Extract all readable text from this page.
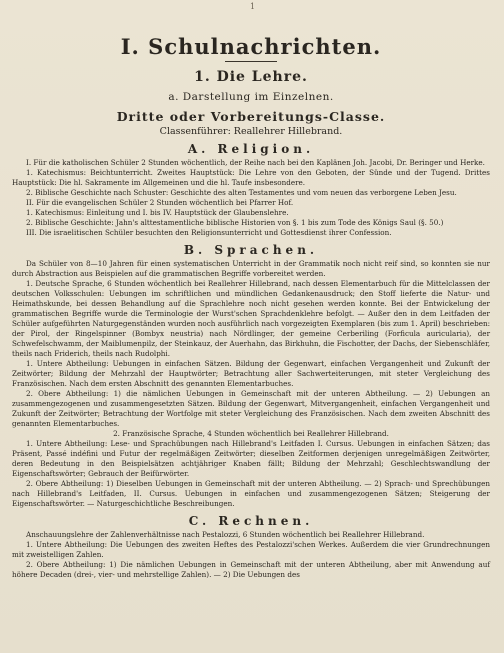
1
I. Schulnachrichten.
1. Die Lehre.
a. Darstellung im Einzelnen.
Dritte oder Vorbereitungs-Classe.
Classenführer: Reallehrer Hillebrand.
A. Religion.

I. Für die katholischen Schüler 2 Stunden wöchentlich, der Reihe nach bei den Kaplänen Joh. Jacobi, Dr. Beringer und Herke.

1. Katechismus: Beichtunterricht. Zweites Hauptstück: Die Lehre von den Geboten, der Sünde und der Tugend. Drittes Hauptstück: Die hl. Sakramente im Allgemeinen und die hl. Taufe insbesondere.

2. Biblische Geschichte nach Schuster: Geschichte des alten Testamentes und vom neuen das verborgene Leben Jesu.

II. Für die evangelischen Schüler 2 Stunden wöchentlich bei Pfarrer Hof.

1. Katechismus: Einleitung und I. bis IV. Hauptstück der Glaubenslehre.

2. Biblische Geschichte: Jahn's alttestamentliche biblische Historien von §. 1 bis zum Tode des Königs Saul (§. 50.)

III. Die israelitischen Schüler besuchten den Religionsunterricht und Gottesdienst ihrer Confession.

B. Sprachen.

Da Schüler von 8—10 Jahren für einen systematischen Unterricht in der Grammatik noch nicht reif sind, so konnten sie nur durch Abstraction aus Beispielen auf die grammatischen Begriffe vorbereitet werden.

1. Deutsche Sprache, 6 Stunden wöchentlich bei Reallehrer Hillebrand, nach dessen Elementarbuch für die Mittelclassen der deutschen Volksschulen: Uebungen im schriftlichen und mündlichen Gedankenausdruck; den Stoff lieferte die Natur- und Heimathskunde, bei dessen Behandlung auf die Sprachlehre noch nicht gesehen werden konnte. Bei der Entwickelung der grammatischen Begriffe wurde die Terminologie der Wurst'schen Sprachdenklehre befolgt. — Außer den in dem Leitfaden der Schüler aufgeführten Naturgegenständen wurden noch ausführlich nach vorgezeigten Exemplaren (bis zum 1. April) beschrieben: der Pirol, der Ringelspinner (Bombyx neustria) nach Nördlinger, der gemeine Cerberiling (Forficula auricularia), der Schwefelschwamm, der Maiblumenpilz, der Steinkauz, der Auerhahn, das Birkhuhn, die Fischotter, der Dachs, der Siebenschläfer, theils nach Friderich, theils nach Rudolphi.

1. Untere Abtheilung: Uebungen in einfachen Sätzen. Bildung der Gegenwart, einfachen Vergangenheit und Zukunft der Zeitwörter; Bildung der Mehrzahl der Hauptwörter; Betrachtung aller Sachwerteiterungen, mit steter Vergleichung des Französischen. Nach dem ersten Abschnitt des genannten Elementarbuches.

2. Obere Abtheilung: 1) die nämlichen Uebungen in Gemeinschaft mit der unteren Abtheilung. — 2) Uebungen an zusammengezogenen und zusammengesetzten Sätzen. Bildung der Gegenwart, Mitvergangenheit, einfachen Vergangenheit und Zukunft der Zeitwörter; Betrachtung der Wortfolge mit steter Vergleichung des Französischen. Nach dem zweiten Abschnitt des genannten Elementarbuches.

2. Französische Sprache, 4 Stunden wöchentlich bei Reallehrer Hillebrand.

1. Untere Abtheilung: Lese- und Sprachübungen nach Hillebrand's Leitfaden I. Cursus. Uebungen in einfachen Sätzen; das Präsent, Passé indéfini und Futur der regelmäßigen Zeitwörter; dieselben Zeitformen derjenigen unregelmäßigen Zeitwörter, deren Bedeutung in den Beispielsätzen achtjähriger Knaben fällt; Bildung der Mehrzahl; Geschlechtswandlung der Eigenschaftswörter; Gebrauch der Beifürwörter.

2. Obere Abtheilung: 1) Dieselben Uebungen in Gemeinschaft mit der unteren Abtheilung. — 2) Sprach- und Sprechübungen nach Hillebrand's Leitfaden, II. Cursus. Uebungen in einfachen und zusammengezogenen Sätzen; Steigerung der Eigenschaftswörter. — Naturgeschichtliche Beschreibungen.

C. Rechnen.

Anschauungslehre der Zahlenverhältnisse nach Pestalozzi, 6 Stunden wöchentlich bei Reallehrer Hillebrand.

1. Untere Abtheilung: Die Uebungen des zweiten Heftes des Pestalozzi'schen Werkes. Außerdem die vier Grundrechnungen mit zweistelligen Zahlen.

2. Obere Abtheilung: 1) Die nämlichen Uebungen in Gemeinschaft mit der unteren Abtheilung, aber mit Anwendung auf höhere Decaden (drei-, vier- und mehrstellige Zahlen). — 2) Die Uebungen des
